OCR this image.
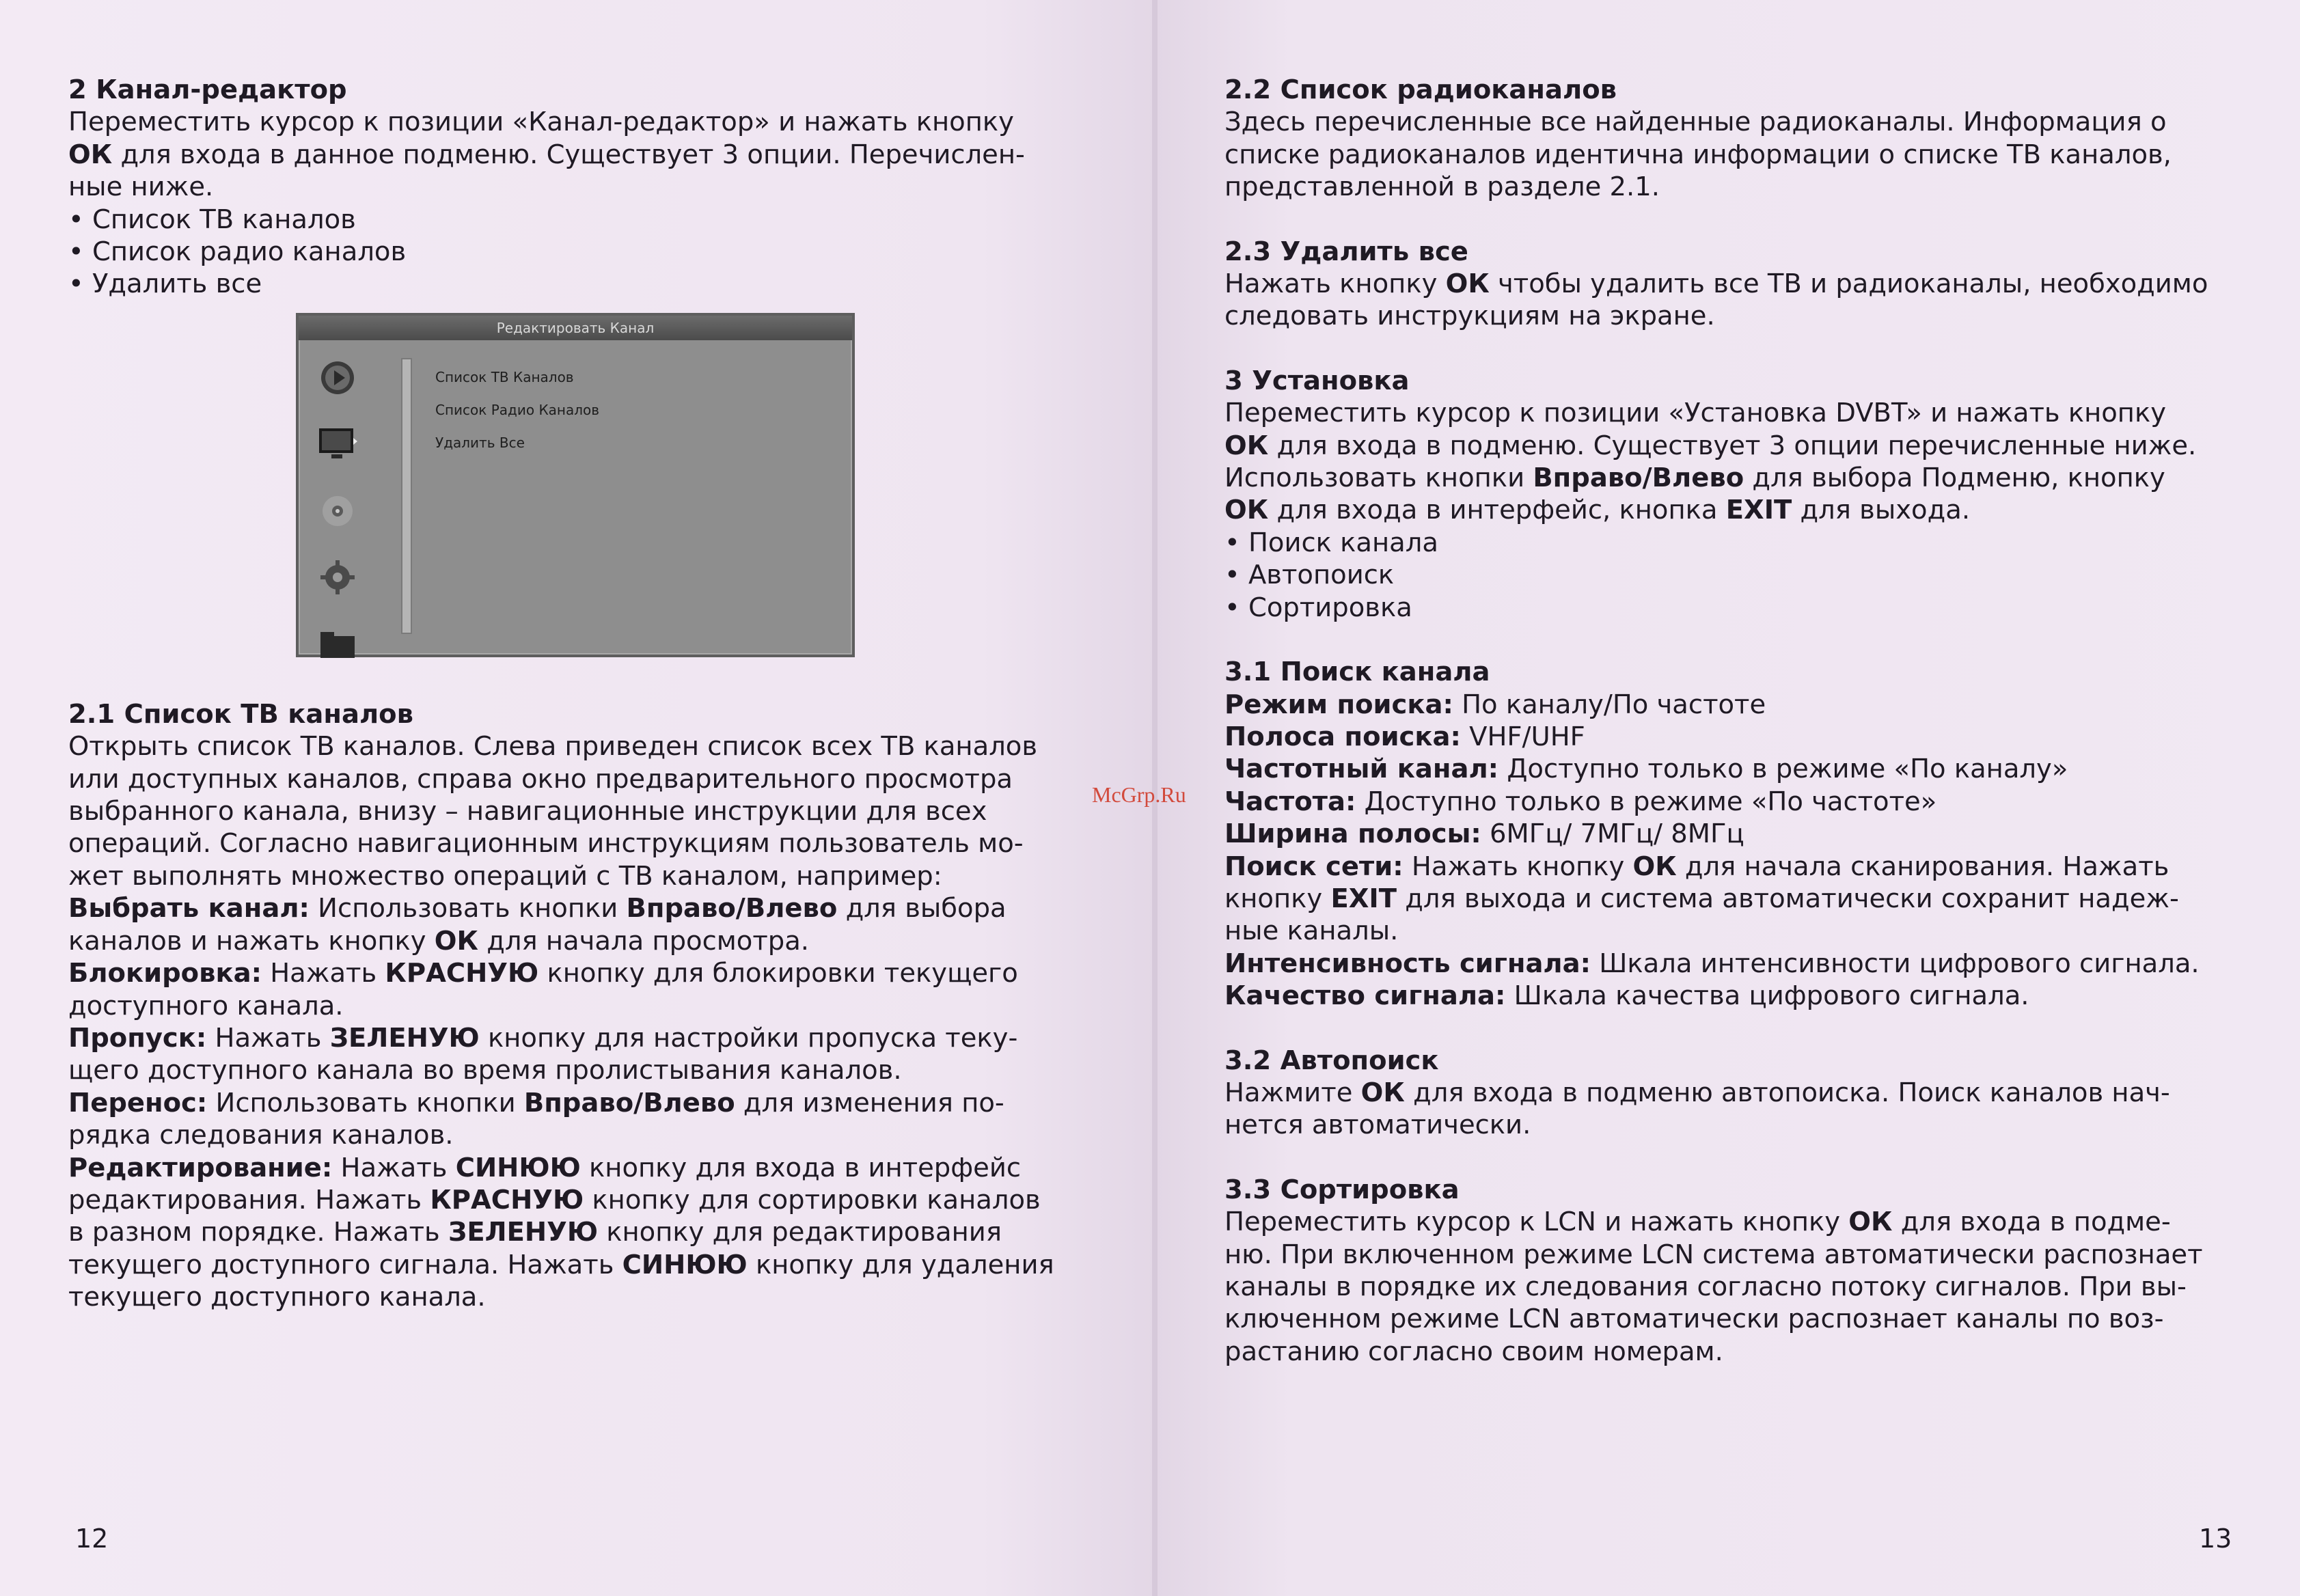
2 Канал-редактор

Переместить курсор к позиции «Канал-редактор» и нажать кнопку
ОК для входа в данное подменю. Существует 3 опции. Перечислен-
ные ниже.

• Список ТВ каналов
• Список радио каналов
• Удалить все
Редактировать Канал

Список ТВ Каналов
Список Радио Каналов
Удалить Все

2.1 Список ТВ каналов

Открыть список ТВ каналов. Слева приведен список всех ТВ каналов
или доступных каналов, справа окно предварительного просмотра
выбранного канала, внизу – навигационные инструкции для всех
операций. Согласно навигационным инструкциям пользователь мо-
жет выполнять множество операций с ТВ каналом, например:

Выбрать канал: Использовать кнопки Вправо/Влево для выбора
каналов и нажать кнопку ОК для начала просмотра.

Блокировка: Нажать КРАСНУЮ кнопку для блокировки текущего
доступного канала.

Пропуск: Нажать ЗЕЛЕНУЮ кнопку для настройки пропуска теку-
щего доступного канала во время пролистывания каналов.

Перенос: Использовать кнопки Вправо/Влево для изменения по-
рядка следования каналов.

Редактирование: Нажать СИНЮЮ кнопку для входа в интерфейс
редактирования. Нажать КРАСНУЮ кнопку для сортировки каналов
в разном порядке. Нажать ЗЕЛЕНУЮ кнопку для редактирования
текущего доступного сигнала. Нажать СИНЮЮ кнопку для удаления
текущего доступного канала.

12
McGrp.Ru

2.2 Список радиоканалов

Здесь перечисленные все найденные радиоканалы. Информация о
списке радиоканалов идентична информации о списке ТВ каналов,
представленной в разделе 2.1.

2.3 Удалить все

Нажать кнопку ОК чтобы удалить все ТВ и радиоканалы, необходимо
следовать инструкциям на экране.

3 Установка

Переместить курсор к позиции «Установка DVBT» и нажать кнопку
ОК для входа в подменю. Существует 3 опции перечисленные ниже.
Использовать кнопки Вправо/Влево для выбора Подменю, кнопку
ОК для входа в интерфейс, кнопка EXIT для выхода.

• Поиск канала
• Автопоиск
• Сортировка

3.1 Поиск канала

Режим поиска: По каналу/По частоте

Полоса поиска: VHF/UHF

Частотный канал: Доступно только в режиме «По каналу»

Частота: Доступно только в режиме «По частоте»

Ширина полосы: 6МГц/ 7МГц/ 8МГц

Поиск сети: Нажать кнопку ОК для начала сканирования. Нажать
кнопку EXIT для выхода и система автоматически сохранит надеж-
ные каналы.

Интенсивность сигнала: Шкала интенсивности цифрового сигнала.

Качество сигнала: Шкала качества цифрового сигнала.

3.2 Автопоиск

Нажмите ОК для входа в подменю автопоиска. Поиск каналов нач-
нется автоматически.

3.3 Сортировка

Переместить курсор к LCN и нажать кнопку ОК для входа в подме-
ню. При включенном режиме LCN система автоматически распознает
каналы в порядке их следования согласно потоку сигналов. При вы-
ключенном режиме LCN автоматически распознает каналы по воз-
растанию согласно своим номерам.

13
